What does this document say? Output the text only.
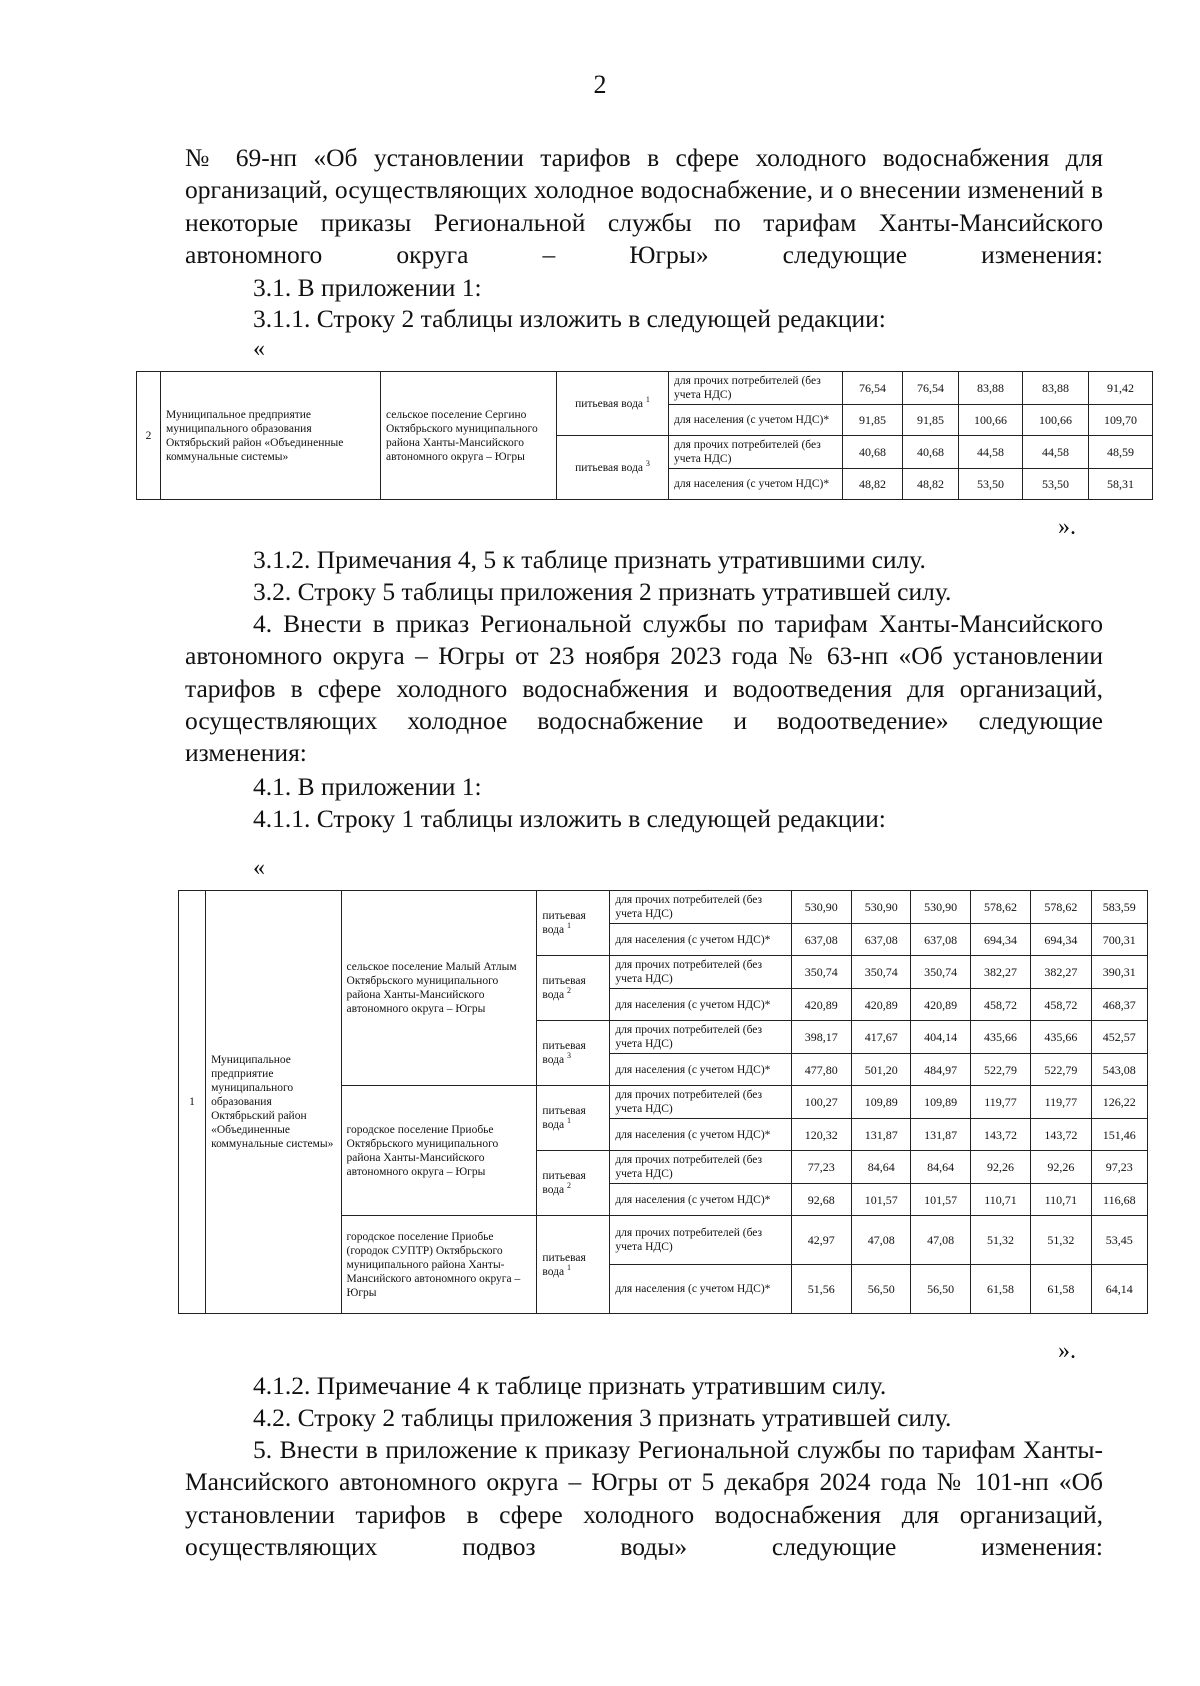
2

№ 69-нп «Об установлении тарифов в сфере холодного водоснабжения для организаций, осуществляющих холодное водоснабжение, и о внесении изменений в некоторые приказы Региональной службы по тарифам Ханты-Мансийского автономного округа – Югры» следующие изменения:

3.1. В приложении 1:
3.1.1. Строку 2 таблицы изложить в следующей редакции:
«
2	Муниципальное предприятие муниципального образования Октябрьский район «Объединенные коммунальные системы»	сельское поселение Сергино Октябрьского муниципального района Ханты-Мансийского автономного округа – Югры	питьевая вода $^1$	для прочих потребителей (без учета НДС)	76,54	76,54	83,88	83,88	91,42
				для населения (с учетом НДС)*	91,85	91,85	100,66	100,66	109,70
			питьевая вода $^3$	для прочих потребителей (без учета НДС)	40,68	40,68	44,58	44,58	48,59
				для населения (с учетом НДС)*	48,82	48,82	53,50	53,50	58,31
».
3.1.2. Примечания 4, 5 к таблице признать утратившими силу.
3.2. Строку 5 таблицы приложения 2 признать утратившей силу.

4. Внести в приказ Региональной службы по тарифам Ханты-Мансийского автономного округа – Югры от 23 ноября 2023 года № 63-нп «Об установлении тарифов в сфере холодного водоснабжения и водоотведения для организаций, осуществляющих холодное водоснабжение и водоотведение» следующие изменения:

4.1. В приложении 1:
4.1.1. Строку 1 таблицы изложить в следующей редакции:
«
1	Муниципальное предприятие муниципального образования Октябрьский район «Объединенные коммунальные системы»	сельское поселение Малый Атлым Октябрьского муниципального района Ханты-Мансийского автономного округа – Югры	питьевая вода $^1$	для прочих потребителей (без учета НДС)	530,90	530,90	530,90	578,62	578,62	583,59
				для населения (с учетом НДС)*	637,08	637,08	637,08	694,34	694,34	700,31
			питьевая вода $^2$	для прочих потребителей (без учета НДС)	350,74	350,74	350,74	382,27	382,27	390,31
				для населения (с учетом НДС)*	420,89	420,89	420,89	458,72	458,72	468,37
			питьевая вода $^3$	для прочих потребителей (без учета НДС)	398,17	417,67	404,14	435,66	435,66	452,57
				для населения (с учетом НДС)*	477,80	501,20	484,97	522,79	522,79	543,08
		городское поселение Приобье Октябрьского муниципального района Ханты-Мансийского автономного округа – Югры	питьевая вода $^1$	для прочих потребителей (без учета НДС)	100,27	109,89	109,89	119,77	119,77	126,22
				для населения (с учетом НДС)*	120,32	131,87	131,87	143,72	143,72	151,46
			питьевая вода $^2$	для прочих потребителей (без учета НДС)	77,23	84,64	84,64	92,26	92,26	97,23
				для населения (с учетом НДС)*	92,68	101,57	101,57	110,71	110,71	116,68
		городское поселение Приобье (городок СУПТР) Октябрьского муниципального района Ханты-Мансийского автономного округа – Югры	питьевая вода $^1$	для прочих потребителей (без учета НДС)	42,97	47,08	47,08	51,32	51,32	53,45
				для населения (с учетом НДС)*	51,56	56,50	56,50	61,58	61,58	64,14
».
4.1.2. Примечание 4 к таблице признать утратившим силу.
4.2. Строку 2 таблицы приложения 3 признать утратившей силу.

5. Внести в приложение к приказу Региональной службы по тарифам Ханты-Мансийского автономного округа – Югры от 5 декабря 2024 года № 101-нп «Об установлении тарифов в сфере холодного водоснабжения для организаций, осуществляющих подвоз воды» следующие изменения:
